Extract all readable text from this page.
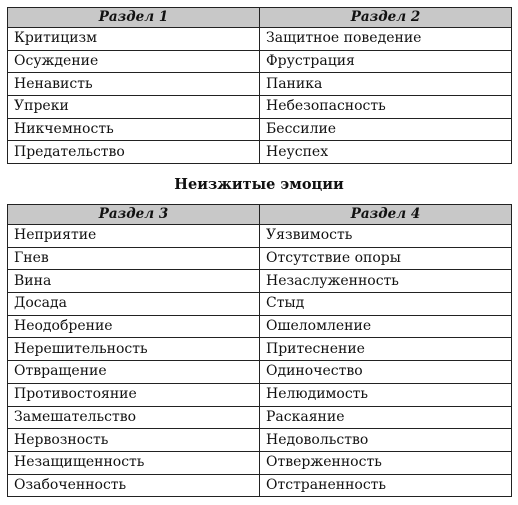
Раздел 1	Раздел 2
Критицизм	Защитное поведение
Осуждение	Фрустрация
Ненависть	Паника
Упреки	Небезопасность
Никчемность	Бессилие
Предательство	Неуспех
Неизжитые эмоции
Раздел 3	Раздел 4
Неприятие	Уязвимость
Гнев	Отсутствие опоры
Вина	Незаслуженность
Досада	Стыд
Неодобрение	Ошеломление
Нерешительность	Притеснение
Отвращение	Одиночество
Противостояние	Нелюдимость
Замешательство	Раскаяние
Нервозность	Недовольство
Незащищенность	Отверженность
Озабоченность	Отстраненность
